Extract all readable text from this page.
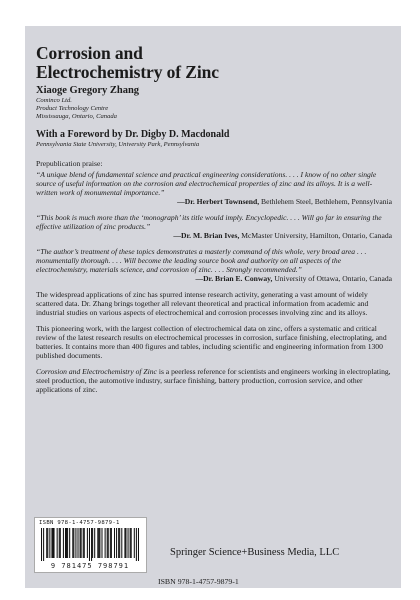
Corrosion and
Electrochemistry of Zinc
Xiaoge Gregory Zhang
Cominco Ltd.
Product Technology Centre
Mississauga, Ontario, Canada
With a Foreword by Dr. Digby D. Macdonald
Pennsylvania State University, University Park, Pennsylvania
Prepublication praise:
“A unique blend of fundamental science and practical engineering considerations. . . . I know of no other single source of useful information on the corrosion and electrochemical properties of zinc and its alloys. It is a well-written work of monumental importance.”
—Dr. Herbert Townsend, Bethlehem Steel, Bethlehem, Pennsylvania
“This book is much more than the ‘monograph’ its title would imply. Encyclopedic. . . . Will go far in ensuring the effective utilization of zinc products.”
—Dr. M. Brian Ives, McMaster University, Hamilton, Ontario, Canada
“The author’s treatment of these topics demonstrates a masterly command of this whole, very broad area . . . monumentally thorough. . . . Will become the leading source book and authority on all aspects of the electrochemistry, materials science, and corrosion of zinc. . . . Strongly recommended.”
—Dr. Brian E. Conway, University of Ottawa, Ontario, Canada
The widespread applications of zinc has spurred intense research activity, generating a vast amount of widely scattered data. Dr. Zhang brings together all relevant theoretical and practical information from academic and industrial studies on various aspects of electrochemical and corrosion processes involving zinc and its alloys.
This pioneering work, with the largest collection of electrochemical data on zinc, offers a systematic and critical review of the latest research results on electrochemical processes in corrosion, surface finishing, electroplating, and batteries. It contains more than 400 figures and tables, including scientific and engineering information from 1300 published documents.
Corrosion and Electrochemistry of Zinc is a peerless reference for scientists and engineers working in electroplating, steel production, the automotive industry, surface finishing, battery production, corrosion service, and other applications of zinc.
ISBN 978-1-4757-9879-1
9 781475 798791
Springer Science+Business Media, LLC
ISBN 978-1-4757-9879-1
